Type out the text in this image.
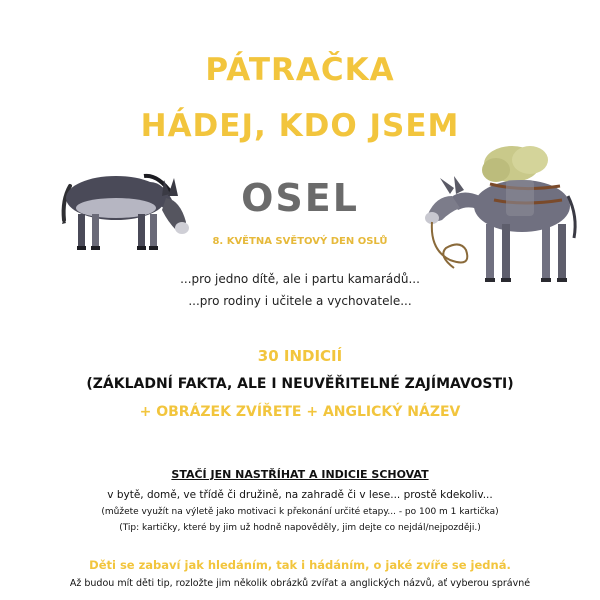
PÁTRAČKA
HÁDEJ, KDO JSEM
OSEL
8. KVĚTNA SVĚTOVÝ DEN OSLŮ
...pro jedno dítě, ale i partu kamarádů...
...pro rodiny i učitele a vychovatele...
30 INDICIÍ
(ZÁKLADNÍ FAKTA, ALE I NEUVĚŘITELNÉ ZAJÍMAVOSTI)
+ OBRÁZEK ZVÍŘETE + ANGLICKÝ NÁZEV
STAČÍ JEN NASTŘÍHAT A INDICIE SCHOVAT
v bytě, domě, ve třídě či družině, na zahradě či v lese... prostě kdekoliv...
(můžete využít na výletě jako motivaci k překonání určité etapy... - po 100 m 1 kartička)
(Tip: kartičky, které by jim už hodně napověděly, jim dejte co nejdál/nejpozději.)
Děti se zabaví jak hledáním, tak i hádáním, o jaké zvíře se jedná.
Až budou mít děti tip, rozložte jim několik obrázků zvířat a anglických názvů, ať vyberou správné
